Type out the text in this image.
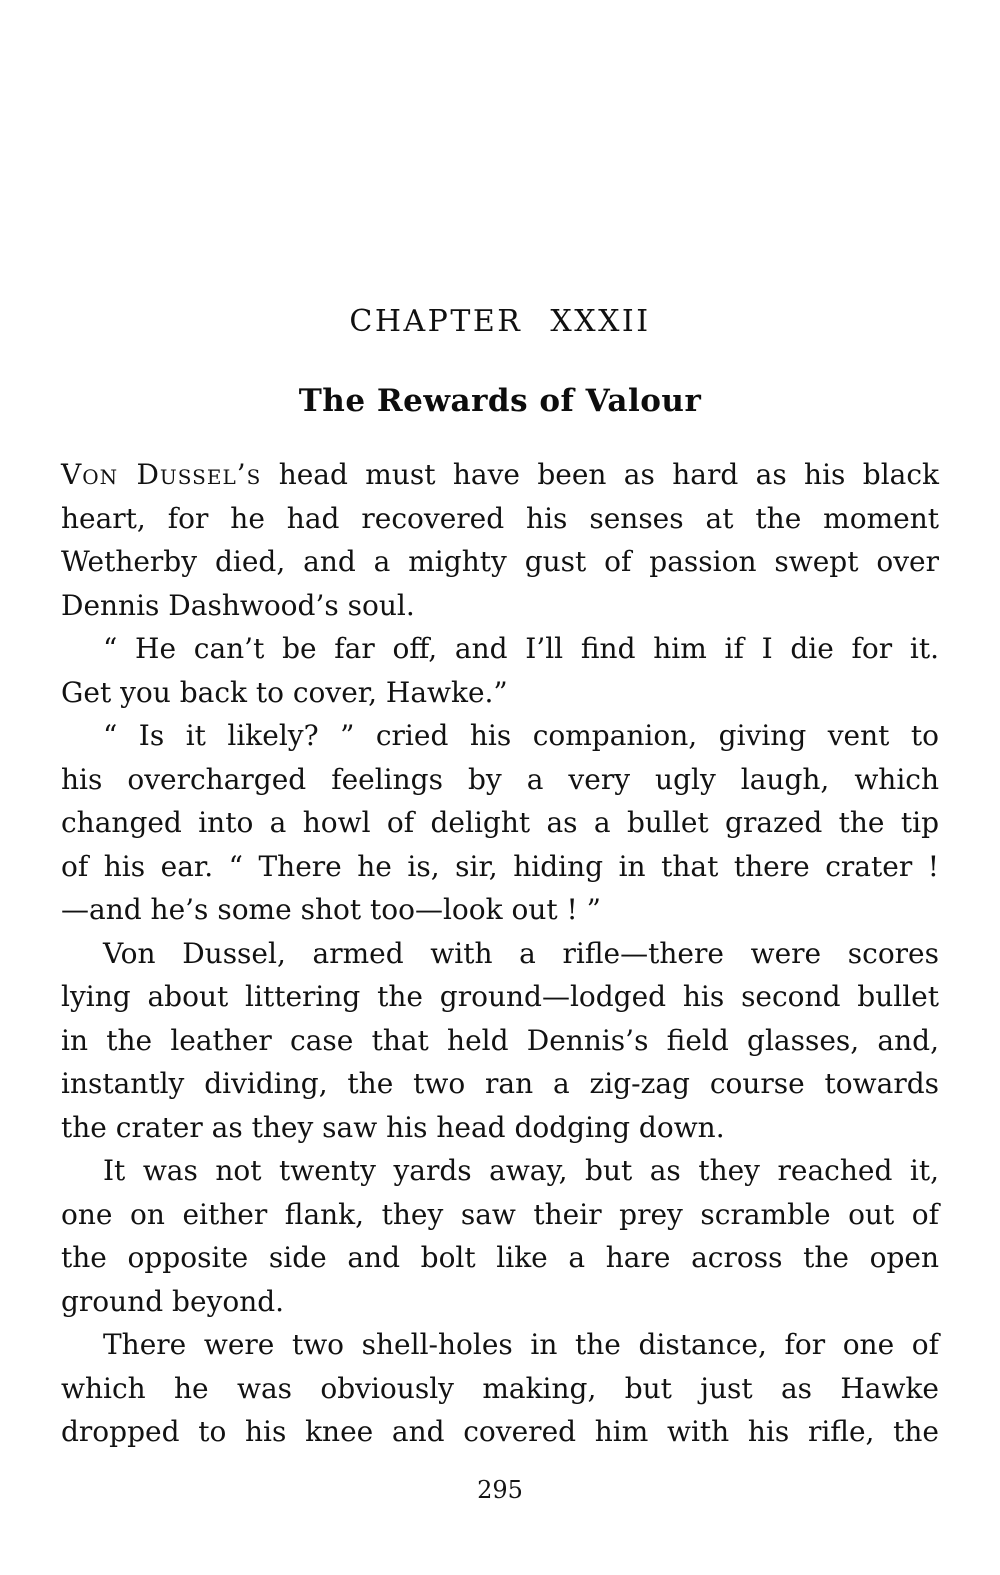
CHAPTER XXXII
The Rewards of Valour
Von Dussel’s head must have been as hard as his black
heart, for he had recovered his senses at the moment
Wetherby died, and a mighty gust of passion swept over
Dennis Dashwood’s soul.
“ He can’t be far off, and I’ll find him if I die for it.
Get you back to cover, Hawke.”
“ Is it likely? ” cried his companion, giving vent to
his overcharged feelings by a very ugly laugh, which
changed into a howl of delight as a bullet grazed the tip
of his ear. “ There he is, sir, hiding in that there crater !
—and he’s some shot too—look out ! ”
Von Dussel, armed with a rifle—there were scores
lying about littering the ground—lodged his second bullet
in the leather case that held Dennis’s field glasses, and,
instantly dividing, the two ran a zig-zag course towards
the crater as they saw his head dodging down.
It was not twenty yards away, but as they reached it,
one on either flank, they saw their prey scramble out of
the opposite side and bolt like a hare across the open
ground beyond.
There were two shell-holes in the distance, for one of
which he was obviously making, but just as Hawke
dropped to his knee and covered him with his rifle, the
295
